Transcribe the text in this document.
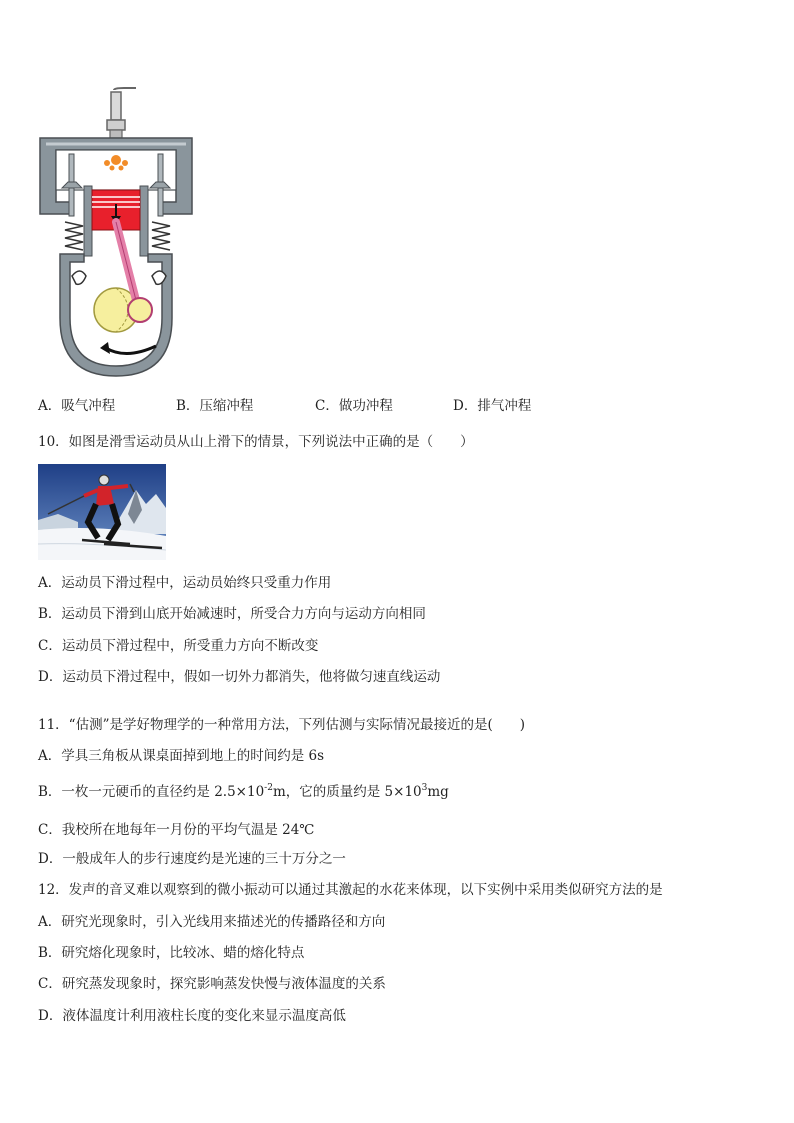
A．吸气冲程	B．压缩冲程	C．做功冲程	D．排气冲程
10．如图是滑雪运动员从山上滑下的情景，下列说法中正确的是（　　）
A．运动员下滑过程中，运动员始终只受重力作用
B．运动员下滑到山底开始减速时，所受合力方向与运动方向相同
C．运动员下滑过程中，所受重力方向不断改变
D．运动员下滑过程中，假如一切外力都消失，他将做匀速直线运动
11．“估测”是学好物理学的一种常用方法，下列估测与实际情况最接近的是(　　)
A．学具三角板从课桌面掉到地上的时间约是 6s
B．一枚一元硬币的直径约是 $2.5\times 10^{-2}m$，它的质量约是 $5\times 10^3mg$
C．我校所在地每年一月份的平均气温是 24℃
D．一般成年人的步行速度约是光速的三十万分之一
12．发声的音叉难以观察到的微小振动可以通过其激起的水花来体现，以下实例中采用类似研究方法的是
A．研究光现象时，引入光线用来描述光的传播路径和方向
B．研究熔化现象时，比较冰、蜡的熔化特点
C．研究蒸发现象时，探究影响蒸发快慢与液体温度的关系
D．液体温度计利用液柱长度的变化来显示温度高低
